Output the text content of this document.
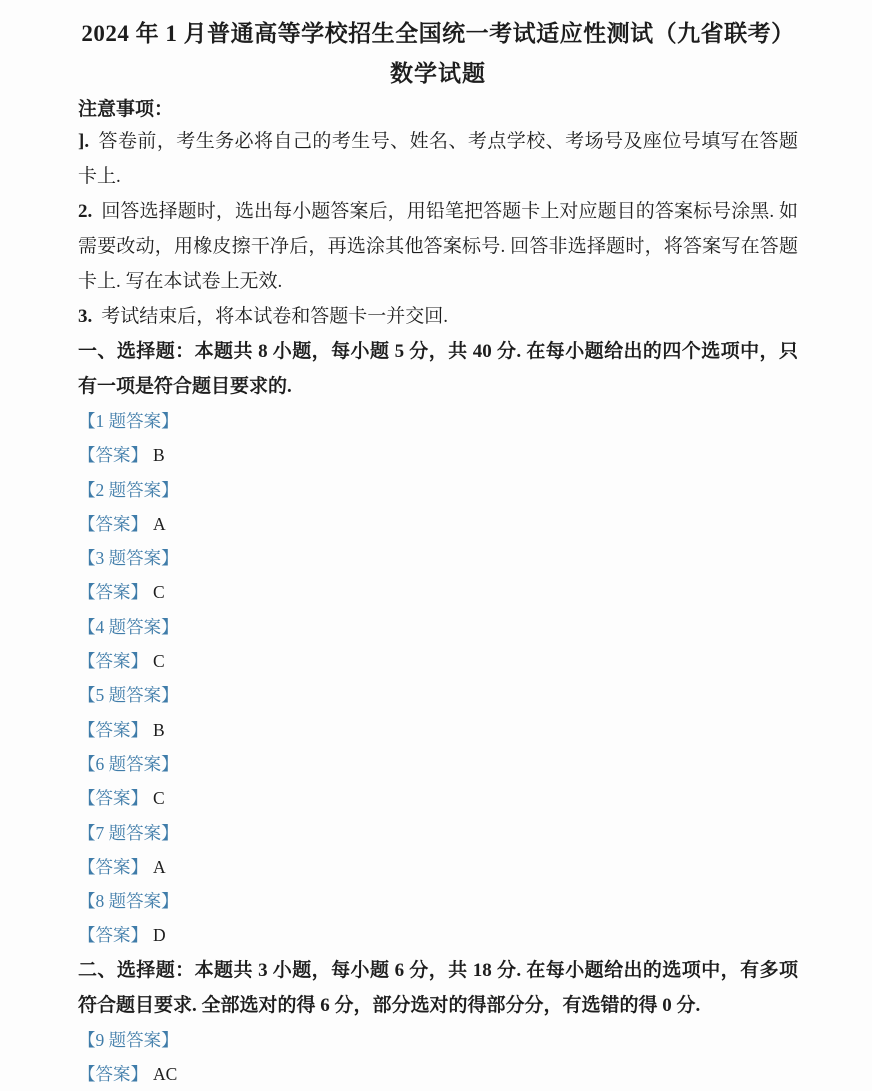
2024 年 1 月普通高等学校招生全国统一考试适应性测试（九省联考）
数学试题

注意事项：

]. 答卷前，考生务必将自己的考生号、姓名、考点学校、考场号及座位号填写在答题卡上.

2. 回答选择题时，选出每小题答案后，用铅笔把答题卡上对应题目的答案标号涂黑. 如需要改动，用橡皮擦干净后，再选涂其他答案标号. 回答非选择题时，将答案写在答题卡上. 写在本试卷上无效.

3. 考试结束后，将本试卷和答题卡一并交回.

一、选择题：本题共 8 小题，每小题 5 分，共 40 分. 在每小题给出的四个选项中，只有一项是符合题目要求的.

【1 题答案】

【答案】 B

【2 题答案】

【答案】 A

【3 题答案】

【答案】 C

【4 题答案】

【答案】 C

【5 题答案】

【答案】 B

【6 题答案】

【答案】 C

【7 题答案】

【答案】 A

【8 题答案】

【答案】 D

二、选择题：本题共 3 小题，每小题 6 分，共 18 分. 在每小题给出的选项中，有多项符合题目要求. 全部选对的得 6 分，部分选对的得部分分，有选错的得 0 分.

【9 题答案】

【答案】 AC
